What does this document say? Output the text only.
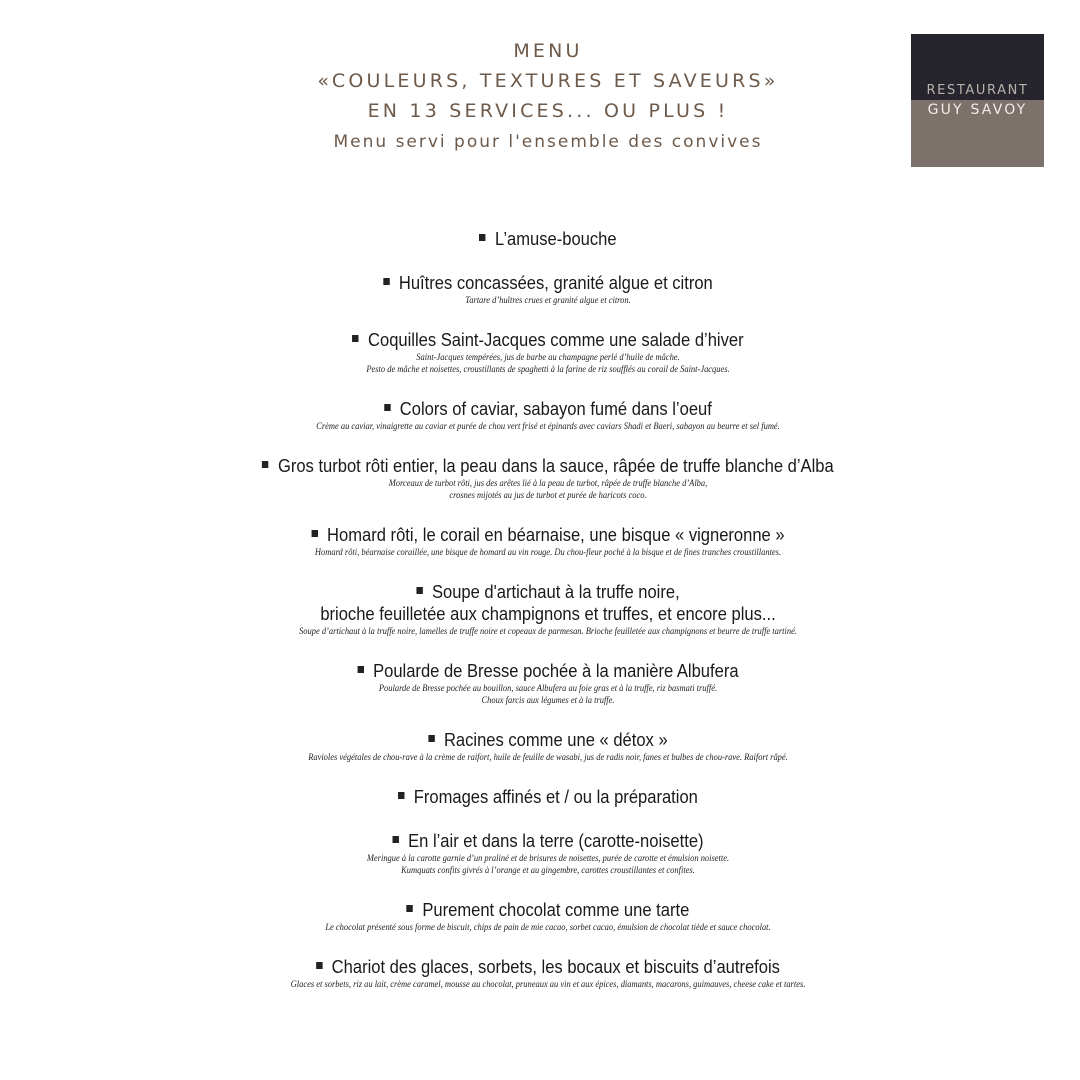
MENU
«COULEURS, TEXTURES ET SAVEURS»
EN 13 SERVICES... OU PLUS !
Menu servi pour l'ensemble des convives
RESTAURANT
GUY SAVOY
L’amuse-bouche
Huîtres concassées, granité algue et citron
Tartare d’huîtres crues et granité algue et citron.
Coquilles Saint-Jacques comme une salade d’hiver
Saint-Jacques tempérées, jus de barbe au champagne perlé d’huile de mâche.
Pesto de mâche et noisettes, croustillants de spaghetti à la farine de riz soufflés au corail de Saint-Jacques.
Colors of caviar, sabayon fumé dans l’oeuf
Crème au caviar, vinaigrette au caviar et purée de chou vert frisé et épinards avec caviars Shadi et Baeri, sabayon au beurre et sel fumé.
Gros turbot rôti entier, la peau dans la sauce, râpée de truffe blanche d’Alba
Morceaux de turbot rôti, jus des arêtes lié à la peau de turbot, râpée de truffe blanche d’Alba,
crosnes mijotés au jus de turbot et purée de haricots coco.
Homard rôti, le corail en béarnaise, une bisque « vigneronne »
Homard rôti, béarnaise coraillée, une bisque de homard au vin rouge. Du chou-fleur poché à la bisque et de fines tranches croustillantes.
Soupe d'artichaut à la truffe noire,
brioche feuilletée aux champignons et truffes, et encore plus...
Soupe d’artichaut à la truffe noire, lamelles de truffe noire et copeaux de parmesan. Brioche feuilletée aux champignons et beurre de truffe tartiné.
Poularde de Bresse pochée à la manière Albufera
Poularde de Bresse pochée au bouillon, sauce Albufera au foie gras et à la truffe, riz basmati truffé.
Choux farcis aux légumes et à la truffe.
Racines comme une « détox »
Ravioles végétales de chou-rave à la crème de raifort, huile de feuille de wasabi, jus de radis noir, fanes et bulbes de chou-rave. Raifort râpé.
Fromages affinés et / ou la préparation
En l’air et dans la terre (carotte-noisette)
Meringue à la carotte garnie d’un praliné et de brisures de noisettes, purée de carotte et émulsion noisette.
Kumquats confits givrés à l’orange et au gingembre, carottes croustillantes et confites.
Purement chocolat comme une tarte
Le chocolat présenté sous forme de biscuit, chips de pain de mie cacao, sorbet cacao, émulsion de chocolat tiède et sauce chocolat.
Chariot des glaces, sorbets, les bocaux et biscuits d’autrefois
Glaces et sorbets, riz au lait, crème caramel, mousse au chocolat, pruneaux au vin et aux épices, diamants, macarons, guimauves, cheese cake et tartes.
